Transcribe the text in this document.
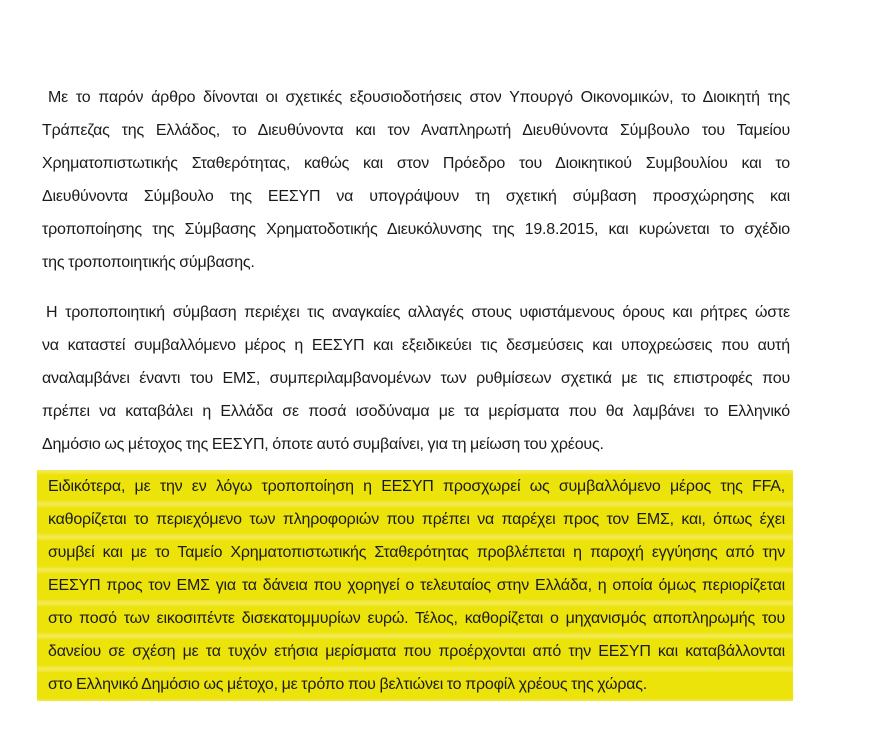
Με το παρόν άρθρο δίνονται οι σχετικές εξουσιοδοτήσεις στον Υπουργό Οικονομικών, το Διοικητή της
Τράπεζας της Ελλάδος, το Διευθύνοντα και τον Αναπληρωτή Διευθύνοντα Σύμβουλο του Ταμείου
Χρηματοπιστωτικής Σταθερότητας, καθώς και στον Πρόεδρο του Διοικητικού Συμβουλίου και το
Διευθύνοντα Σύμβουλο της ΕΕΣΥΠ να υπογράψουν τη σχετική σύμβαση προσχώρησης και
τροποποίησης της Σύμβασης Χρηματοδοτικής Διευκόλυνσης της 19.8.2015, και κυρώνεται το σχέδιο
της τροποποιητικής σύμβασης.
Η τροποποιητική σύμβαση περιέχει τις αναγκαίες αλλαγές στους υφιστάμενους όρους και ρήτρες ώστε
να καταστεί συμβαλλόμενο μέρος η ΕΕΣΥΠ και εξειδικεύει τις δεσμεύσεις και υποχρεώσεις που αυτή
αναλαμβάνει έναντι του ΕΜΣ, συμπεριλαμβανομένων των ρυθμίσεων σχετικά με τις επιστροφές που
πρέπει να καταβάλει η Ελλάδα σε ποσά ισοδύναμα με τα μερίσματα που θα λαμβάνει το Ελληνικό
Δημόσιο ως μέτοχος της ΕΕΣΥΠ, όποτε αυτό συμβαίνει, για τη μείωση του χρέους.
Ειδικότερα, με την εν λόγω τροποποίηση η ΕΕΣΥΠ προσχωρεί ως συμβαλλόμενο μέρος της FFA,
καθορίζεται το περιεχόμενο των πληροφοριών που πρέπει να παρέχει προς τον ΕΜΣ, και, όπως έχει
συμβεί και με το Ταμείο Χρηματοπιστωτικής Σταθερότητας προβλέπεται η παροχή εγγύησης από την
ΕΕΣΥΠ προς τον ΕΜΣ για τα δάνεια που χορηγεί ο τελευταίος στην Ελλάδα, η οποία όμως περιορίζεται
στο ποσό των εικοσιπέντε δισεκατομμυρίων ευρώ. Τέλος, καθορίζεται ο μηχανισμός αποπληρωμής του
δανείου σε σχέση με τα τυχόν ετήσια μερίσματα που προέρχονται από την ΕΕΣΥΠ και καταβάλλονται
στο Ελληνικό Δημόσιο ως μέτοχο, με τρόπο που βελτιώνει το προφίλ χρέους της χώρας.
